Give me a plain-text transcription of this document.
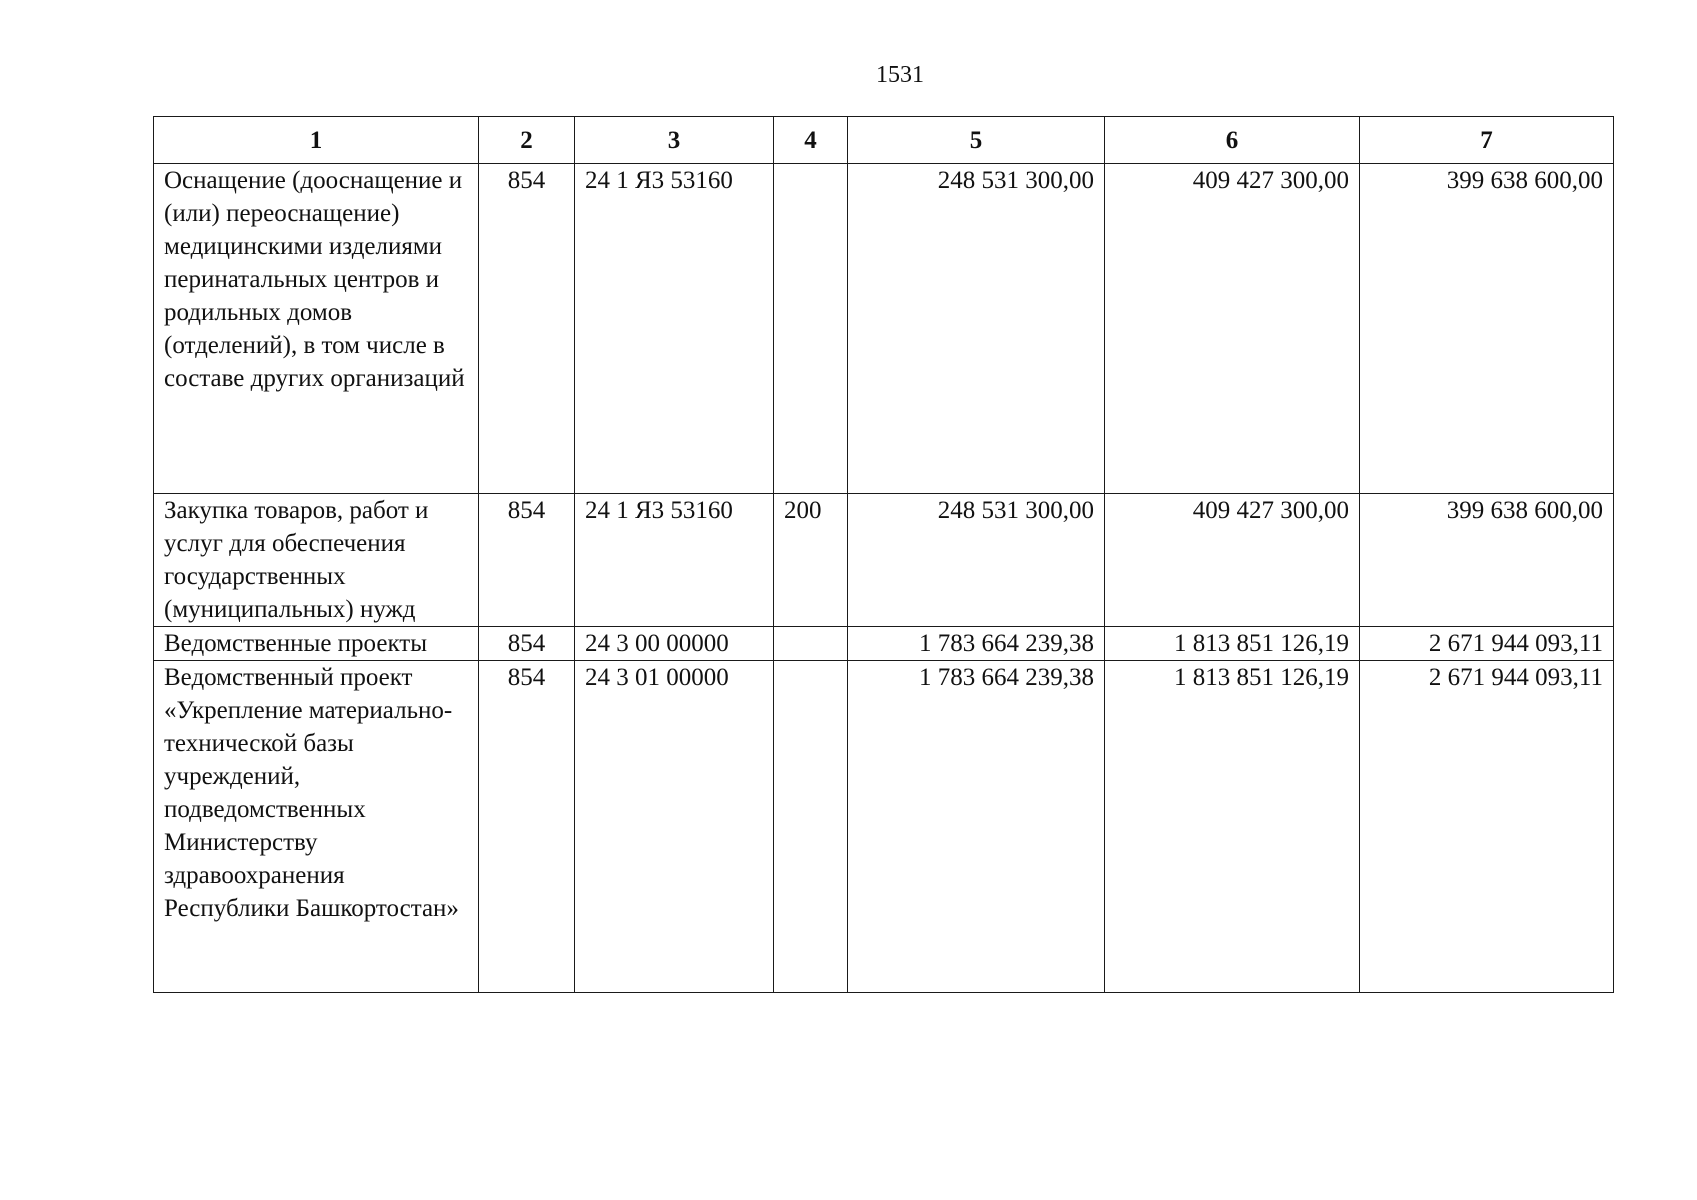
1531
1	2	3	4	5	6	7
Оснащение (дооснащение и (или) переоснащение) медицинскими изделиями перинатальных центров и родильных домов (отделений), в том числе в составе других организаций	854	24 1 Я3 53160		248 531 300,00	409 427 300,00	399 638 600,00
Закупка товаров, работ и услуг для обеспечения государственных (муниципальных) нужд	854	24 1 Я3 53160	200	248 531 300,00	409 427 300,00	399 638 600,00
Ведомственные проекты	854	24 3 00 00000		1 783 664 239,38	1 813 851 126,19	2 671 944 093,11
Ведомственный проект «Укрепление материально-технической базы учреждений, подведомственных Министерству здравоохранения Республики Башкортостан»	854	24 3 01 00000		1 783 664 239,38	1 813 851 126,19	2 671 944 093,11
